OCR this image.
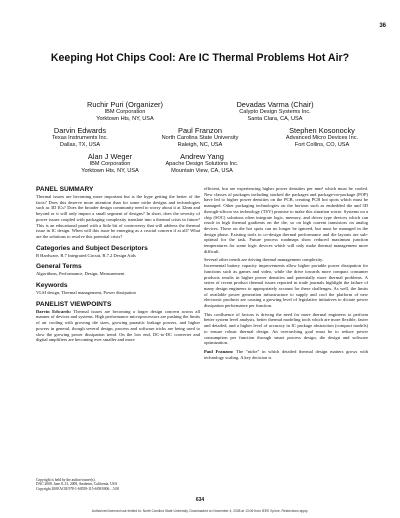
36
Keeping Hot Chips Cool: Are IC Thermal Problems Hot Air?
Ruchir Puri (Organizer)
IBM Corporation
Yorktown Hts, NY, USA
Devadas Varma (Chair)
Calypto Design Systems Inc.
Santa Clara, CA, USA
Darvin Edwards
Texas Instruments Inc.
Dallas, TX, USA
Paul Franzon
North Carolina State University
Raleigh, NC, USA
Stephen Kosonocky
Advanced Micro Devices Inc.
Fort Collins, CO, USA
Alan J Weger
IBM Corporation
Yorktown Hts, NY, USA
Andrew Yang
Apache Design Solutions Inc.
Mountain View, CA, USA
PANEL SUMMARY
Thermal issues are becoming more important but is the hype getting the better of the facts? Does this deserve more attention than for some niche designs and technologies such as 3D ICs? Does the broader design community need to worry about it at 32nm and beyond or it will only impact a small segment of designs? In short, does the severity of power issues coupled with packaging complexity translate into a thermal crisis in future? This is an educational panel with a little bit of controversy that will address the thermal issue in IC design. When will this issue be emerging as a crucial concern if at all? What are the solutions to resolve this potential crisis?
Categories and Subject Descriptors
B Hardware, B.7 Integrated Circuit, B.7.2 Design Aids
General Terms
Algorithms, Performance, Design, Measurement
Keywords
VLSI design, Thermal management, Power dissipation
PANELIST VIEWPOINTS
Darvin Edwards: Thermal issues are becoming a larger design concern across all manner of devices and systems. High performance microprocessors are pushing the limits of air cooling with growing die sizes, growing parasitic leakage powers, and higher powers in general, though several design, process and software tricks are being used to slow the growing power dissipation trend. On the low end, DC-to-DC converter and digital amplifiers are becoming ever smaller and more
Copyright is held by the author/owner(s).
DAC 2008, June 8–13, 2008, Anaheim, California, USA
Copyright 2008 ACM 978-1-60558-115-6/08/0006…5.00
efficient, but are experiencing higher power densities per mm² which must be cooled. New classes of packages including stacked die packages and package-on-package (POP) have led to higher power densities on the PCB, creating PCB hot spots which must be managed. Other packaging technologies on the horizon such as embedded die and 3D through-silicon via technology (TSV) promise to make this situation worse. Systems on a chip (SOC) solutions often integrate logic, memory, and driver type devices which can result in high thermal gradients on the die, so on high current transistors on analog devices. These on die hot spots can no longer be ignored, but must be managed in the design phase. Existing tools to co-design thermal performance and die layouts are sub-optimal for the task. Future process roadmaps show reduced maximum junction temperatures for some logic devices which will only make thermal management more difficult.
Several other trends are driving thermal management complexity.
Incremental battery capacity improvements allow higher portable power dissipation for functions such as games and video, while the drive towards more compact consumer products results in higher power densities and potentially more thermal problems. A series of recent product thermal issues reported in trade journals highlight the failure of many design engineers to appropriately account for these challenges. As well, the limits of available power generation infrastructure to supply and cool the platform of new electronic products are causing a growing level of legislative initiatives to dictate power dissipation performance per function.
This confluence of factors is driving the need for more thermal engineers to perform better system level analysis, better thermal modeling tools which are more flexible, faster and detailed, and a higher level of accuracy in IC package abstraction (compact models) to ensure robust thermal design. An overarching goal must be to reduce power consumption per function through smart process design, die design and software optimization.
Paul Franzon: The "niche" in which detailed thermal design matters grows with technology scaling. A key decision is
634
Authorized licensed use limited to: North Carolina State University. Downloaded on November 4, 2008 at 13:06 from IEEE Xplore. Restrictions apply.
